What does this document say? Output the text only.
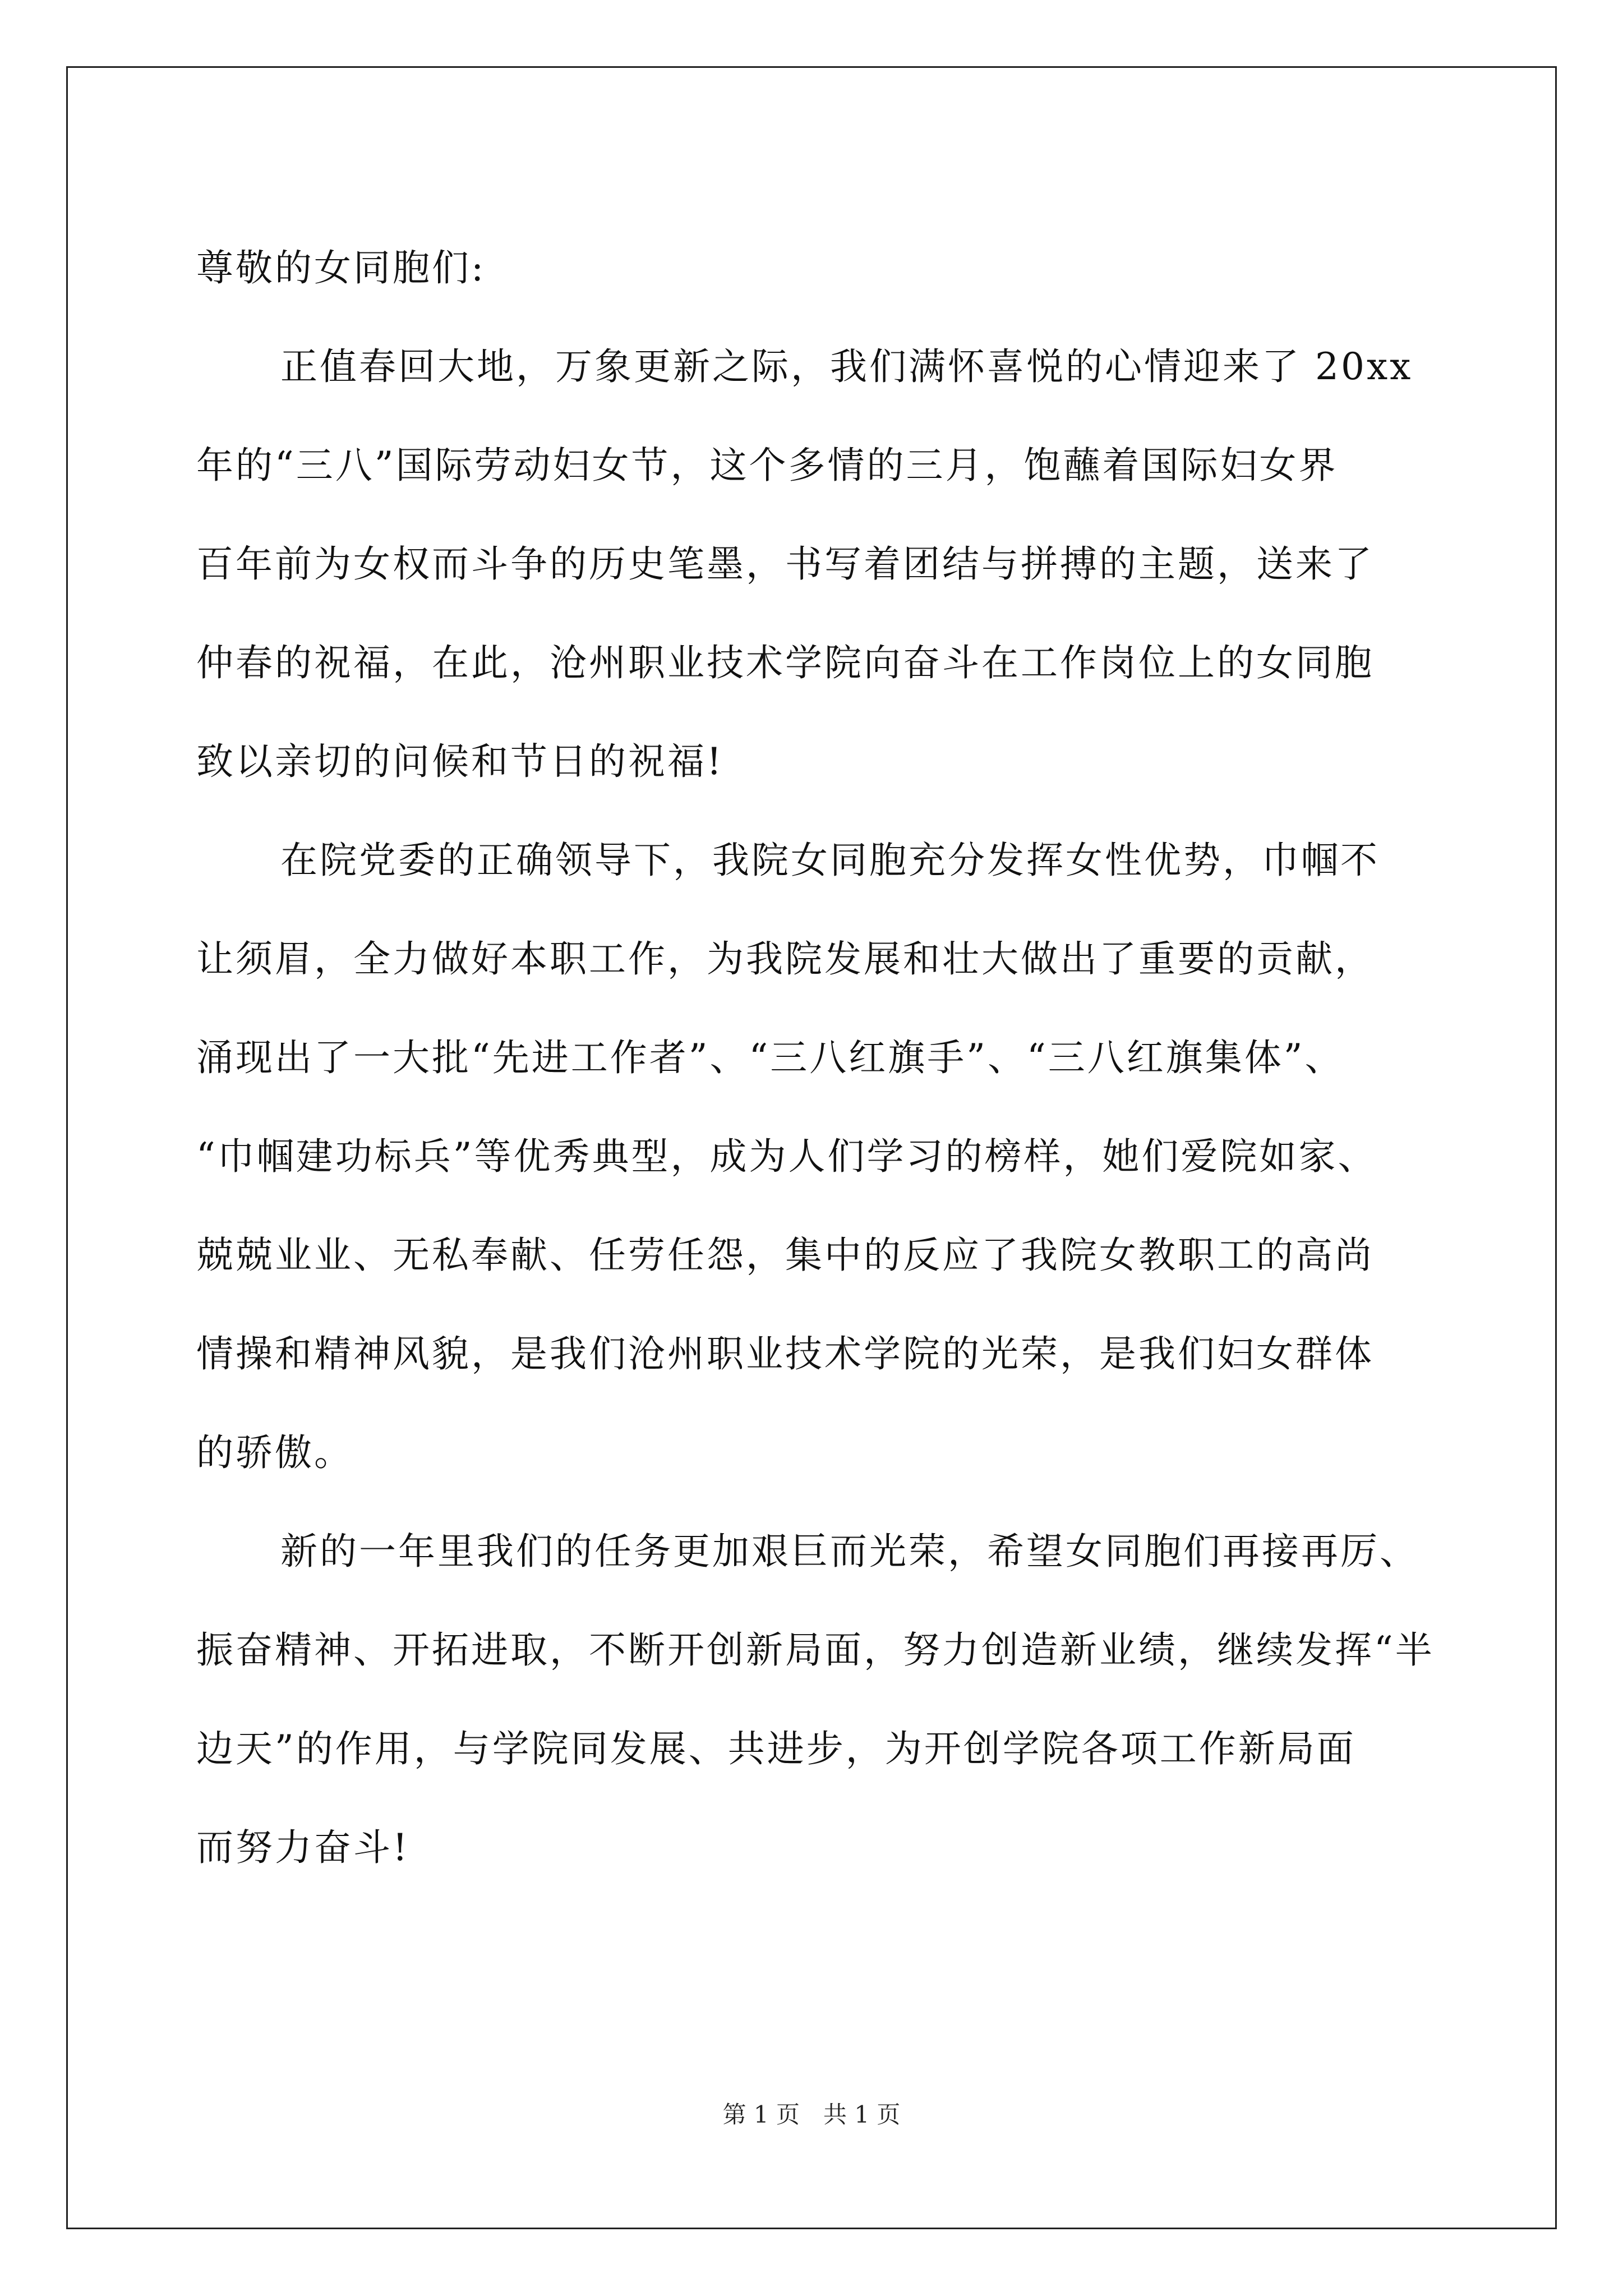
尊敬的女同胞们:
正值春回大地，万象更新之际，我们满怀喜悦的心情迎来了 20xx
年的“三八”国际劳动妇女节，这个多情的三月，饱蘸着国际妇女界
百年前为女权而斗争的历史笔墨，书写着团结与拼搏的主题，送来了
仲春的祝福，在此，沧州职业技术学院向奋斗在工作岗位上的女同胞
致以亲切的问候和节日的祝福!
在院党委的正确领导下，我院女同胞充分发挥女性优势，巾帼不
让须眉，全力做好本职工作，为我院发展和壮大做出了重要的贡献，
涌现出了一大批“先进工作者”、“三八红旗手”、“三八红旗集体”、
“巾帼建功标兵”等优秀典型，成为人们学习的榜样，她们爱院如家、
兢兢业业、无私奉献、任劳任怨，集中的反应了我院女教职工的高尚
情操和精神风貌，是我们沧州职业技术学院的光荣，是我们妇女群体
的骄傲。
新的一年里我们的任务更加艰巨而光荣，希望女同胞们再接再厉、
振奋精神、开拓进取，不断开创新局面，努力创造新业绩，继续发挥“半
边天”的作用，与学院同发展、共进步，为开创学院各项工作新局面
而努力奋斗!
第 1 页　共 1 页
